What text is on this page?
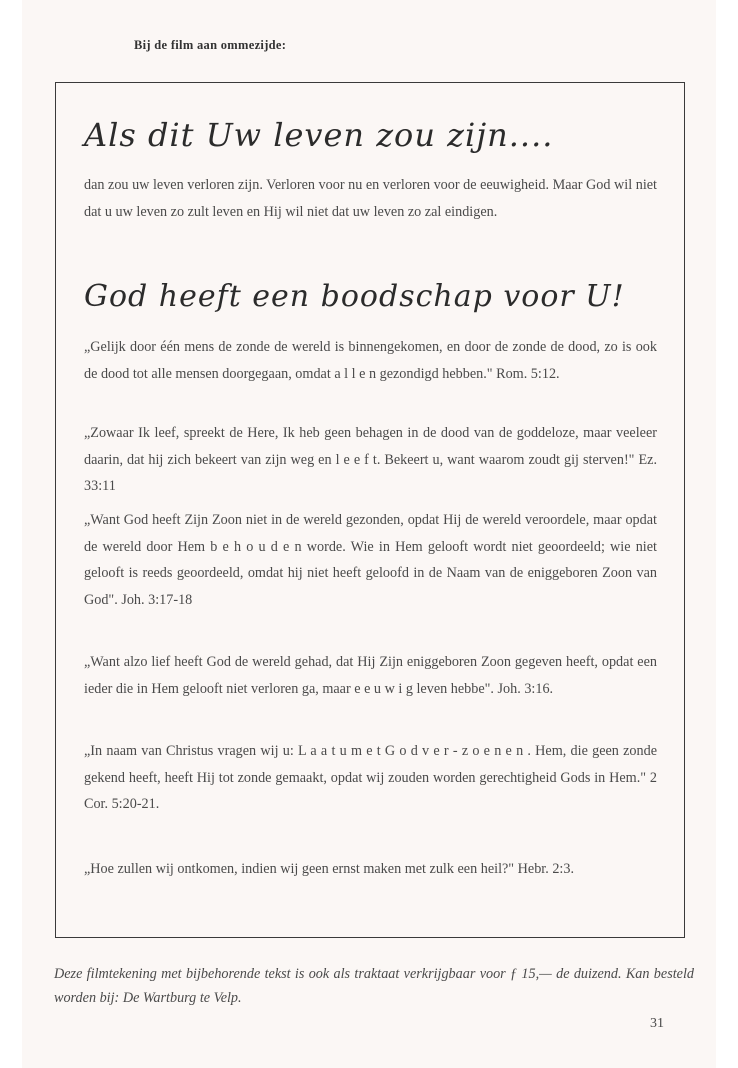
Bij de film aan ommezijde:
Als dit Uw leven zou zijn....

dan zou uw leven verloren zijn. Verloren voor nu en verloren voor de eeuwigheid. Maar God wil niet dat u uw leven zo zult leven en Hij wil niet dat uw leven zo zal eindigen.

God heeft een boodschap voor U!

„Gelijk door één mens de zonde de wereld is binnengekomen, en door de zonde de dood, zo is ook de dood tot alle mensen doorgegaan, omdat a l l e n gezondigd hebben." Rom. 5:12.

„Zowaar Ik leef, spreekt de Here, Ik heb geen behagen in de dood van de goddeloze, maar veeleer daarin, dat hij zich bekeert van zijn weg en l e e f t. Bekeert u, want waarom zoudt gij sterven!" Ez. 33:11

„Want God heeft Zijn Zoon niet in de wereld gezonden, opdat Hij de wereld veroordele, maar opdat de wereld door Hem b e h o u d e n worde. Wie in Hem gelooft wordt niet geoordeeld; wie niet gelooft is reeds geoordeeld, omdat hij niet heeft geloofd in de Naam van de eniggeboren Zoon van God". Joh. 3:17-18

„Want alzo lief heeft God de wereld gehad, dat Hij Zijn eniggeboren Zoon gegeven heeft, opdat een ieder die in Hem gelooft niet verloren ga, maar e e u w i g leven hebbe". Joh. 3:16.

„In naam van Christus vragen wij u: L a a t u m e t G o d v e r - z o e n e n . Hem, die geen zonde gekend heeft, heeft Hij tot zonde gemaakt, opdat wij zouden worden gerechtigheid Gods in Hem." 2 Cor. 5:20-21.

„Hoe zullen wij ontkomen, indien wij geen ernst maken met zulk een heil?" Hebr. 2:3.

Deze filmtekening met bijbehorende tekst is ook als traktaat verkrijgbaar voor ƒ 15,— de duizend. Kan besteld worden bij: De Wartburg te Velp.
31
